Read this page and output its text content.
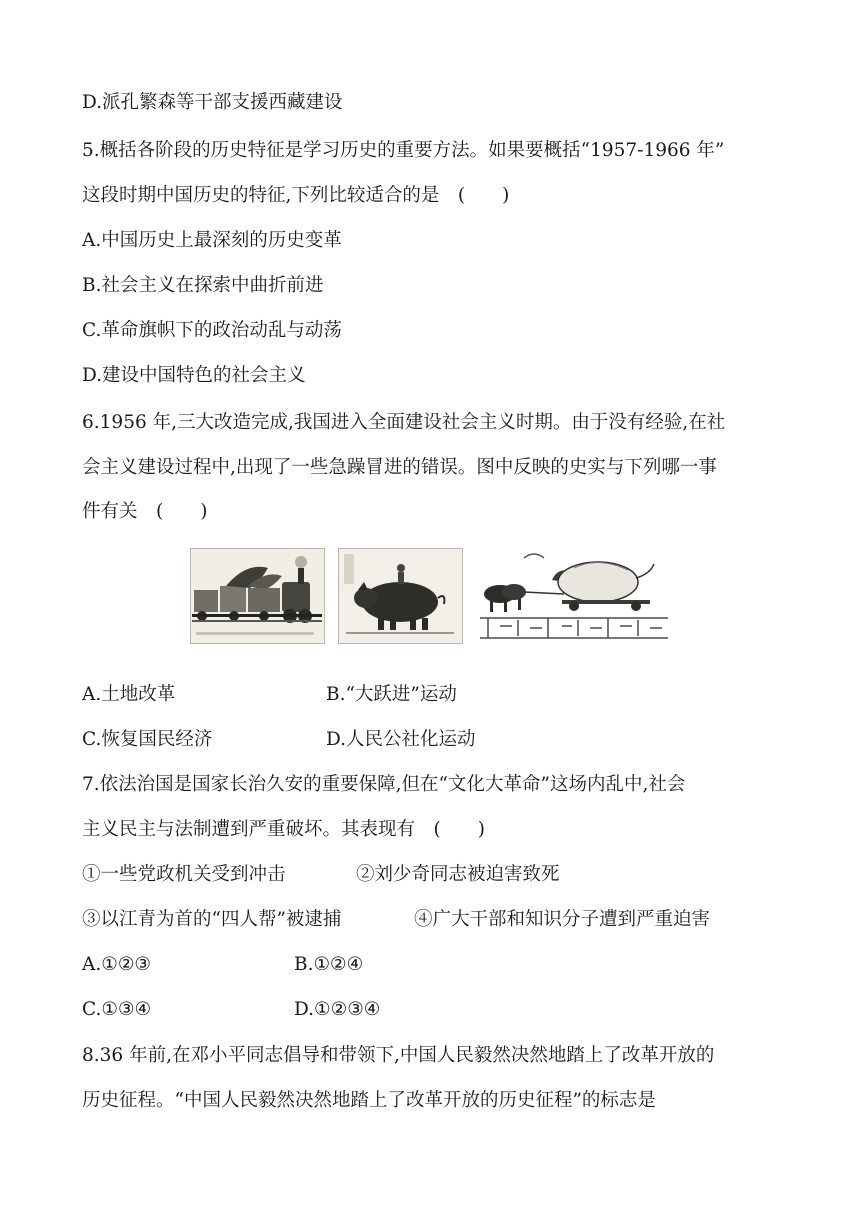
D.派孔繁森等干部支援西藏建设
5.概括各阶段的历史特征是学习历史的重要方法。如果要概括“1957-1966 年”
这段时期中国历史的特征,下列比较适合的是　(　　)
A.中国历史上最深刻的历史变革
B.社会主义在探索中曲折前进
C.革命旗帜下的政治动乱与动荡
D.建设中国特色的社会主义
6.1956 年,三大改造完成,我国进入全面建设社会主义时期。由于没有经验,在社
会主义建设过程中,出现了一些急躁冒进的错误。图中反映的史实与下列哪一事
件有关　(　　)
A.土地改革	B.“大跃进”运动
C.恢复国民经济	D.人民公社化运动
7.依法治国是国家长治久安的重要保障,但在“文化大革命”这场内乱中,社会
主义民主与法制遭到严重破坏。其表现有　(　　)
①一些党政机关受到冲击	②刘少奇同志被迫害致死
③以江青为首的“四人帮”被逮捕	④广大干部和知识分子遭到严重迫害
A.①②③	B.①②④
C.①③④	D.①②③④
8.36 年前,在邓小平同志倡导和带领下,中国人民毅然决然地踏上了改革开放的
历史征程。“中国人民毅然决然地踏上了改革开放的历史征程”的标志是
